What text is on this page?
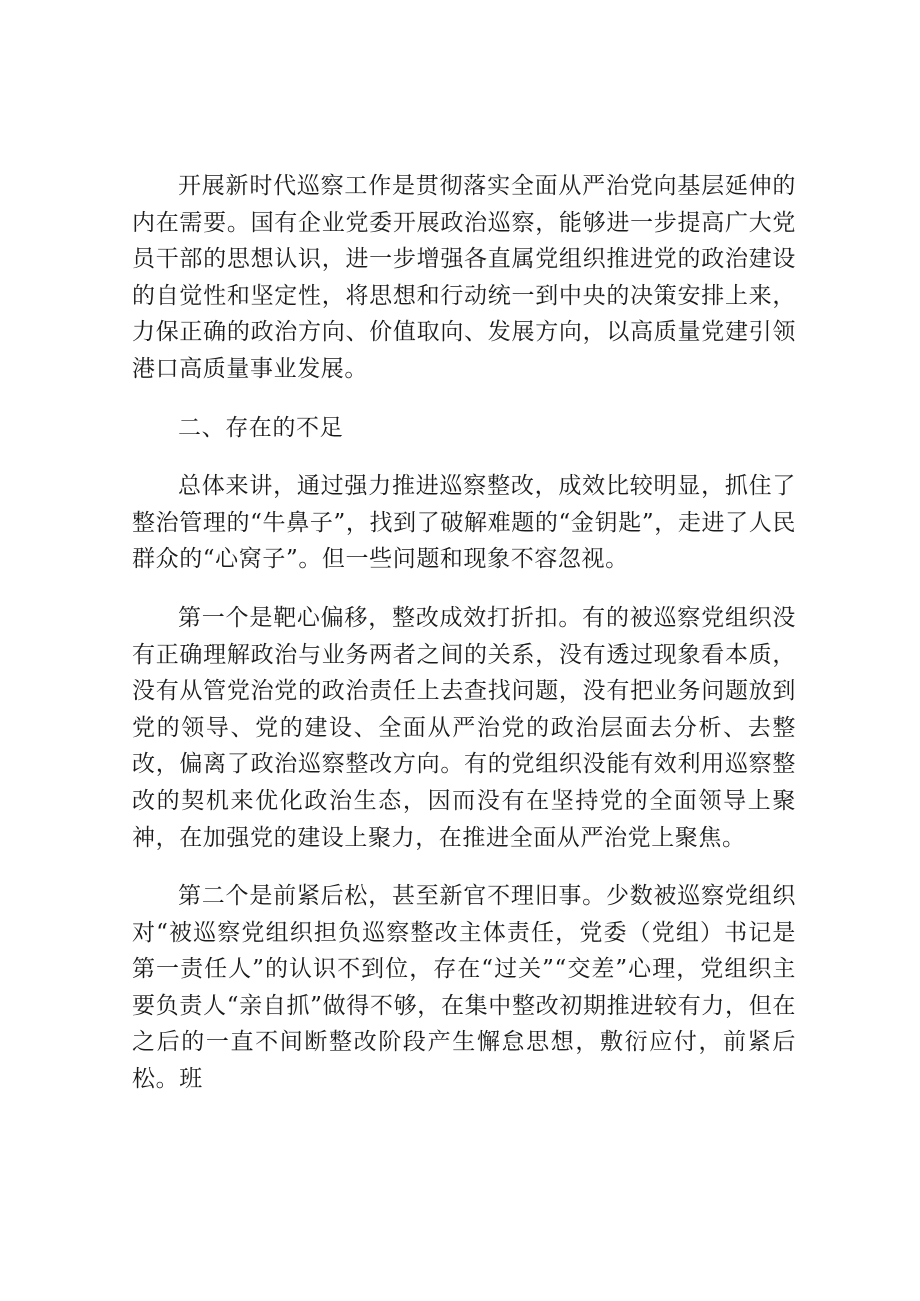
开展新时代巡察工作是贯彻落实全面从严治党向基层延伸的内在需要。国有企业党委开展政治巡察，能够进一步提高广大党员干部的思想认识，进一步增强各直属党组织推进党的政治建设的自觉性和坚定性，将思想和行动统一到中央的决策安排上来，力保正确的政治方向、价值取向、发展方向，以高质量党建引领港口高质量事业发展。

二、存在的不足

总体来讲，通过强力推进巡察整改，成效比较明显，抓住了整治管理的“牛鼻子”，找到了破解难题的“金钥匙”，走进了人民群众的“心窝子”。但一些问题和现象不容忽视。

第一个是靶心偏移，整改成效打折扣。有的被巡察党组织没有正确理解政治与业务两者之间的关系，没有透过现象看本质，没有从管党治党的政治责任上去查找问题，没有把业务问题放到党的领导、党的建设、全面从严治党的政治层面去分析、去整改，偏离了政治巡察整改方向。有的党组织没能有效利用巡察整改的契机来优化政治生态，因而没有在坚持党的全面领导上聚神，在加强党的建设上聚力，在推进全面从严治党上聚焦。

第二个是前紧后松，甚至新官不理旧事。少数被巡察党组织对“被巡察党组织担负巡察整改主体责任，党委（党组）书记是第一责任人”的认识不到位，存在“过关”“交差”心理，党组织主要负责人“亲自抓”做得不够，在集中整改初期推进较有力，但在之后的一直不间断整改阶段产生懈怠思想，敷衍应付，前紧后松。班
